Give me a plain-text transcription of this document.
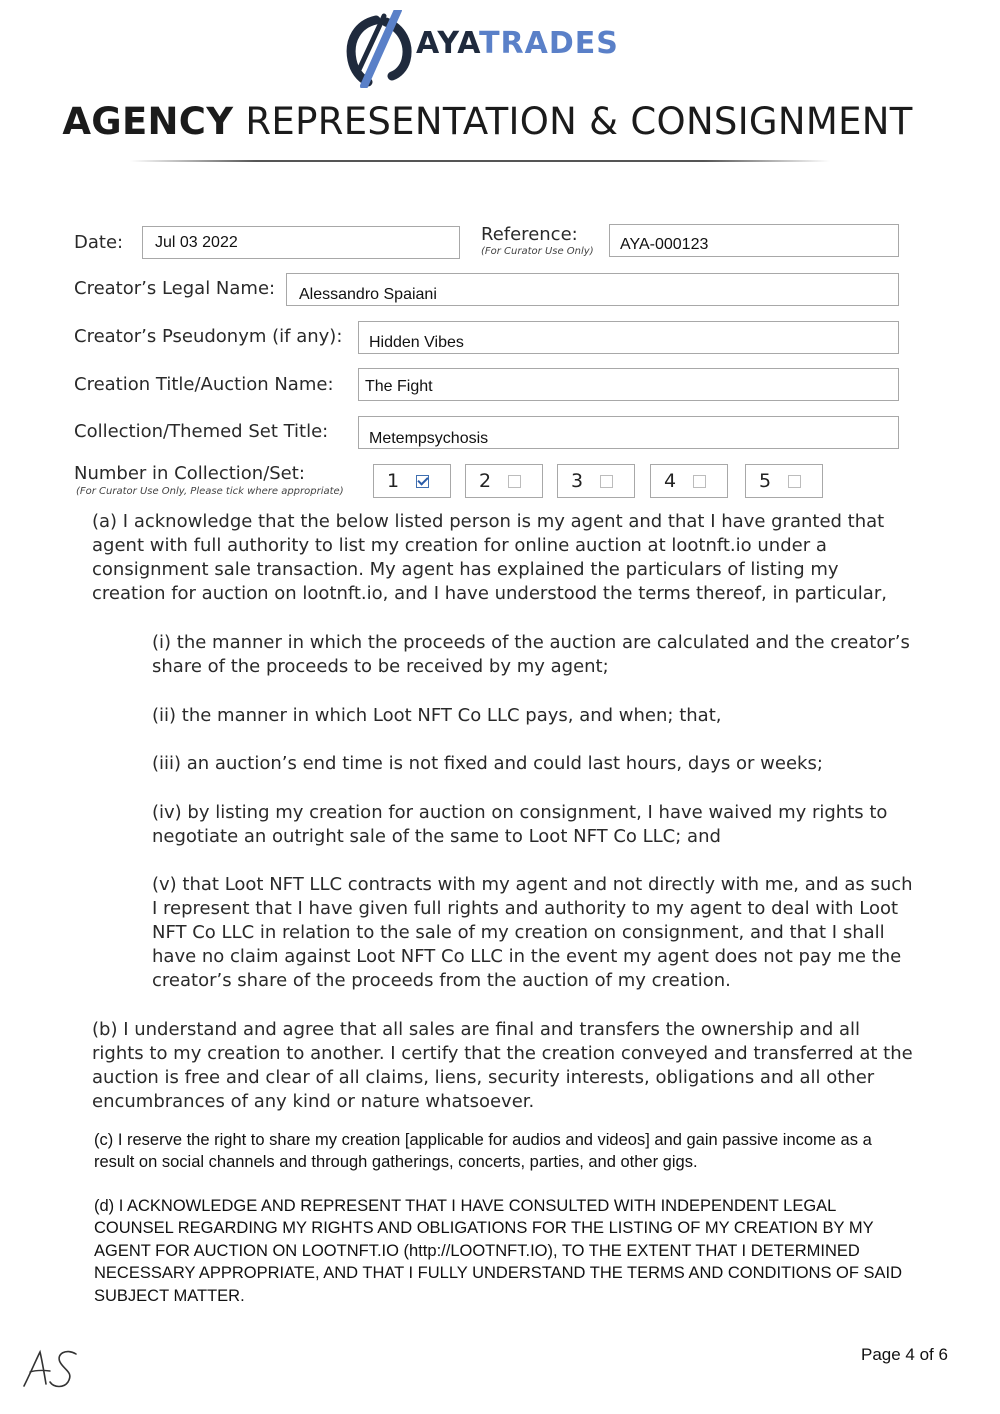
AYATRADES
AGENCY REPRESENTATION & CONSIGNMENT
Date: Jul 03 2022	Reference:
(For Curator Use Only) AYA-000123
Creator’s Legal Name: Alessandro Spaiani
Creator’s Pseudonym (if any): Hidden Vibes
Creation Title/Auction Name: The Fight
Collection/Themed Set Title:	Metempsychosis
Number in Collection/Set:
(For Curator Use Only, Please tick where appropriate)	1	2	3	4	5
(a) I acknowledge that the below listed person is my agent and that I have granted that agent with full authority to list my creation for online auction at lootnft.io under a consignment sale transaction. My agent has explained the particulars of listing my creation for auction on lootnft.io, and I have understood the terms thereof, in particular,
(i) the manner in which the proceeds of the auction are calculated and the creator’s share of the proceeds to be received by my agent;
(ii) the manner in which Loot NFT Co LLC pays, and when; that,
(iii) an auction’s end time is not fixed and could last hours, days or weeks;
(iv) by listing my creation for auction on consignment, I have waived my rights to negotiate an outright sale of the same to Loot NFT Co LLC; and
(v) that Loot NFT LLC contracts with my agent and not directly with me, and as such I represent that I have given full rights and authority to my agent to deal with Loot NFT Co LLC in relation to the sale of my creation on consignment, and that I shall have no claim against Loot NFT Co LLC in the event my agent does not pay me the creator’s share of the proceeds from the auction of my creation.
(b) I understand and agree that all sales are final and transfers the ownership and all rights to my creation to another. I certify that the creation conveyed and transferred at the auction is free and clear of all claims, liens, security interests, obligations and all other encumbrances of any kind or nature whatsoever.
(c) I reserve the right to share my creation [applicable for audios and videos] and gain passive income as a result on social channels and through gatherings, concerts, parties, and other gigs.
(d) I ACKNOWLEDGE AND REPRESENT THAT I HAVE CONSULTED WITH INDEPENDENT LEGAL COUNSEL REGARDING MY RIGHTS AND OBLIGATIONS FOR THE LISTING OF MY CREATION BY MY AGENT FOR AUCTION ON LOOTNFT.IO (http://LOOTNFT.IO), TO THE EXTENT THAT I DETERMINED NECESSARY APPROPRIATE, AND THAT I FULLY UNDERSTAND THE TERMS AND CONDITIONS OF SAID SUBJECT MATTER.
Page 4 of 6
